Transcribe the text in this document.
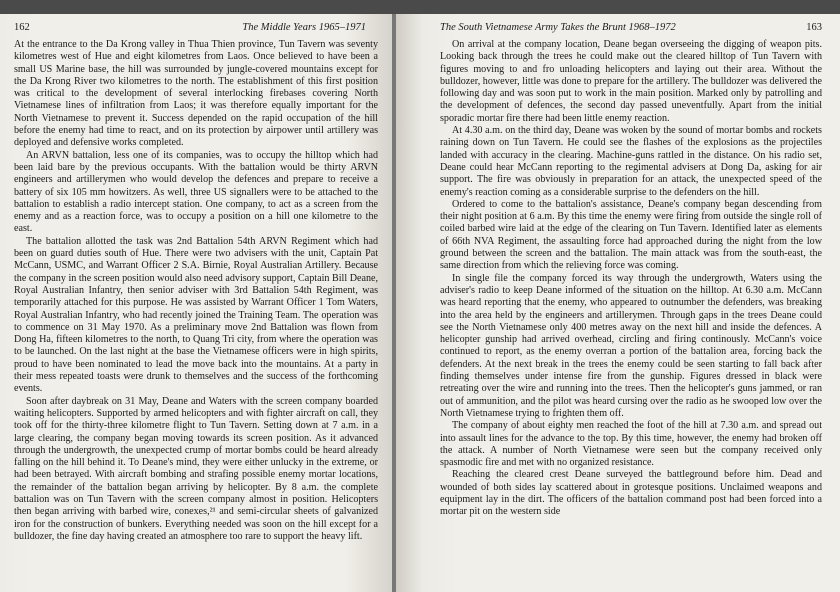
162	The Middle Years 1965–1971

At the entrance to the Da Krong valley in Thua Thien province, Tun Tavern was seventy kilometres west of Hue and eight kilometres from Laos. Once believed to have been a small US Marine base, the hill was surrounded by jungle-covered mountains except for the Da Krong River two kilometres to the north. The establishment of this first position was critical to the development of several interlocking firebases covering North Vietnamese lines of infiltration from Laos; it was therefore equally important for the North Vietnamese to prevent it. Success depended on the rapid occupation of the hill before the enemy had time to react, and on its protection by airpower until artillery was deployed and defensive works completed.

An ARVN battalion, less one of its companies, was to occupy the hilltop which had been laid bare by the previous occupants. With the battalion would be thirty ARVN engineers and artillerymen who would develop the defences and prepare to receive a battery of six 105 mm howitzers. As well, three US signallers were to be attached to the battalion to establish a radio intercept station. One company, to act as a screen from the enemy and as a reaction force, was to occupy a position on a hill one kilometre to the east.

The battalion allotted the task was 2nd Battalion 54th ARVN Regiment which had been on guard duties south of Hue. There were two advisers with the unit, Captain Pat McCann, USMC, and Warrant Officer 2 S.A. Birnie, Royal Australian Artillery. Because the company in the screen position would also need advisory support, Captain Bill Deane, Royal Australian Infantry, then senior adviser with 3rd Battalion 54th Regiment, was temporarily attached for this purpose. He was assisted by Warrant Officer 1 Tom Waters, Royal Australian Infantry, who had recently joined the Training Team. The operation was to commence on 31 May 1970. As a preliminary move 2nd Battalion was flown from Dong Ha, fifteen kilometres to the north, to Quang Tri city, from where the operation was to be launched. On the last night at the base the Vietnamese officers were in high spirits, proud to have been nominated to lead the move back into the mountains. At a party in their mess repeated toasts were drunk to themselves and the success of the forthcoming events.

Soon after daybreak on 31 May, Deane and Waters with the screen company boarded waiting helicopters. Supported by armed helicopters and with fighter aircraft on call, they took off for the thirty-three kilometre flight to Tun Tavern. Setting down at 7 a.m. in a large clearing, the company began moving towards its screen position. As it advanced through the undergrowth, the unexpected crump of mortar bombs could be heard already falling on the hill behind it. To Deane's mind, they were either unlucky in the extreme, or had been betrayed. With aircraft bombing and strafing possible enemy mortar locations, the remainder of the battalion began arriving by helicopter. By 8 a.m. the complete battalion was on Tun Tavern with the screen company almost in position. Helicopters then began arriving with barbed wire, conexes,²¹ and semi-circular sheets of galvanized iron for the construction of bunkers. Everything needed was soon on the hill except for a bulldozer, the fine day having created an atmosphere too rare to support the heavy lift.

The South Vietnamese Army Takes the Brunt 1968–1972	163

On arrival at the company location, Deane began overseeing the digging of weapon pits. Looking back through the trees he could make out the cleared hilltop of Tun Tavern with figures moving to and fro unloading helicopters and laying out their area. Without the bulldozer, however, little was done to prepare for the artillery. The bulldozer was delivered the following day and was soon put to work in the main position. Marked only by patrolling and the development of defences, the second day passed uneventfully. Apart from the initial sporadic mortar fire there had been little enemy reaction.

At 4.30 a.m. on the third day, Deane was woken by the sound of mortar bombs and rockets raining down on Tun Tavern. He could see the flashes of the explosions as the projectiles landed with accuracy in the clearing. Machine-guns rattled in the distance. On his radio set, Deane could hear McCann reporting to the regimental advisers at Dong Da, asking for air support. The fire was obviously in preparation for an attack, the unexpected speed of the enemy's reaction coming as a considerable surprise to the defenders on the hill.

Ordered to come to the battalion's assistance, Deane's company began descending from their night position at 6 a.m. By this time the enemy were firing from outside the single roll of coiled barbed wire laid at the edge of the clearing on Tun Tavern. Identified later as elements of 66th NVA Regiment, the assaulting force had approached during the night from the low ground between the screen and the battalion. The main attack was from the south-east, the same direction from which the relieving force was coming.

In single file the company forced its way through the undergrowth, Waters using the adviser's radio to keep Deane informed of the situation on the hilltop. At 6.30 a.m. McCann was heard reporting that the enemy, who appeared to outnumber the defenders, was breaking into the area held by the engineers and artillerymen. Through gaps in the trees Deane could see the North Vietnamese only 400 metres away on the next hill and inside the defences. A helicopter gunship had arrived overhead, circling and firing continously. McCann's voice continued to report, as the enemy overran a portion of the battalion area, forcing back the defenders. At the next break in the trees the enemy could be seen starting to fall back after finding themselves under intense fire from the gunship. Figures dressed in black were retreating over the wire and running into the trees. Then the helicopter's guns jammed, or ran out of ammunition, and the pilot was heard cursing over the radio as he swooped low over the North Vietnamese trying to frighten them off.

The company of about eighty men reached the foot of the hill at 7.30 a.m. and spread out into assault lines for the advance to the top. By this time, however, the enemy had broken off the attack. A number of North Vietnamese were seen but the company received only spasmodic fire and met with no organized resistance.

Reaching the cleared crest Deane surveyed the battleground before him. Dead and wounded of both sides lay scattered about in grotesque positions. Unclaimed weapons and equipment lay in the dirt. The officers of the battalion command post had been forced into a mortar pit on the western side
